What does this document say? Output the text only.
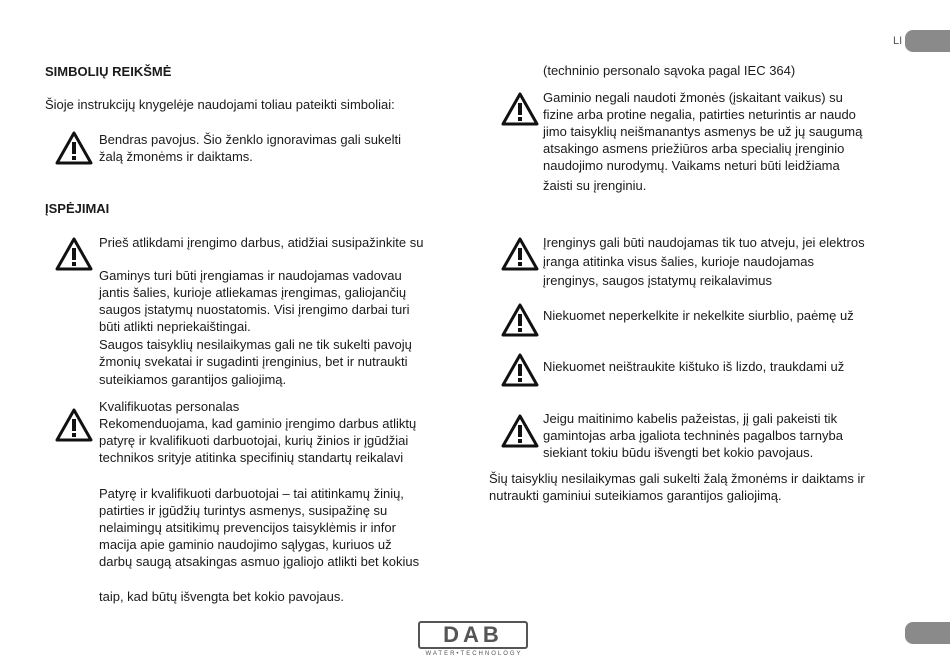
LI
SIMBOLIŲ REIKŠMĖ
Šioje instrukcijų knygelėje naudojami toliau pateikti simboliai:
Bendras pavojus. Šio ženklo ignoravimas gali sukelti
žalą žmonėms ir daiktams.
ĮSPĖJIMAI
Prieš atlikdami įrengimo darbus, atidžiai susipažinkite su
Gaminys turi būti įrengiamas ir naudojamas vadovau
jantis šalies, kurioje atliekamas įrengimas, galiojančių
saugos įstatymų nuostatomis. Visi įrengimo darbai turi
būti atlikti nepriekaištingai.
Saugos taisyklių nesilaikymas gali ne tik sukelti pavojų
žmonių svekatai ir sugadinti įrenginius, bet ir nutraukti
suteikiamos garantijos galiojimą.
Kvalifikuotas personalas
Rekomenduojama, kad gaminio įrengimo darbus atliktų
patyrę ir kvalifikuoti darbuotojai, kurių žinios ir įgūdžiai
technikos srityje atitinka specifinių standartų reikalavi
Patyrę ir kvalifikuoti darbuotojai – tai atitinkamų žinių,
patirties ir įgūdžių turintys asmenys, susipažinę su
nelaimingų atsitikimų prevencijos taisyklėmis ir infor
macija apie gaminio naudojimo sąlygas, kuriuos už
darbų saugą atsakingas asmuo įgaliojo atlikti bet kokius
taip, kad būtų išvengta bet kokio pavojaus.
(techninio personalo sąvoka pagal IEC 364)
Gaminio negali naudoti žmonės (įskaitant vaikus) su
fizine arba protine negalia, patirties neturintis ar naudo
jimo taisyklių neišmanantys asmenys be už jų saugumą
atsakingo asmens priežiūros arba specialių įrenginio
naudojimo nurodymų. Vaikams neturi būti leidžiama
žaisti su įrenginiu.
Įrenginys gali būti naudojamas tik tuo atveju, jei elektros
įranga atitinka visus šalies, kurioje naudojamas
įrenginys, saugos įstatymų reikalavimus
Niekuomet neperkelkite ir nekelkite siurblio, paėmę už
Niekuomet neištraukite kištuko iš lizdo, traukdami už
Jeigu maitinimo kabelis pažeistas, jį gali pakeisti tik
gamintojas arba įgaliota techninės pagalbos tarnyba
siekiant tokiu būdu išvengti bet kokio pavojaus.
Šių taisyklių nesilaikymas gali sukelti žalą žmonėms ir daiktams ir
nutraukti gaminiui suteikiamos garantijos galiojimą.
DAB
WATER•TECHNOLOGY
